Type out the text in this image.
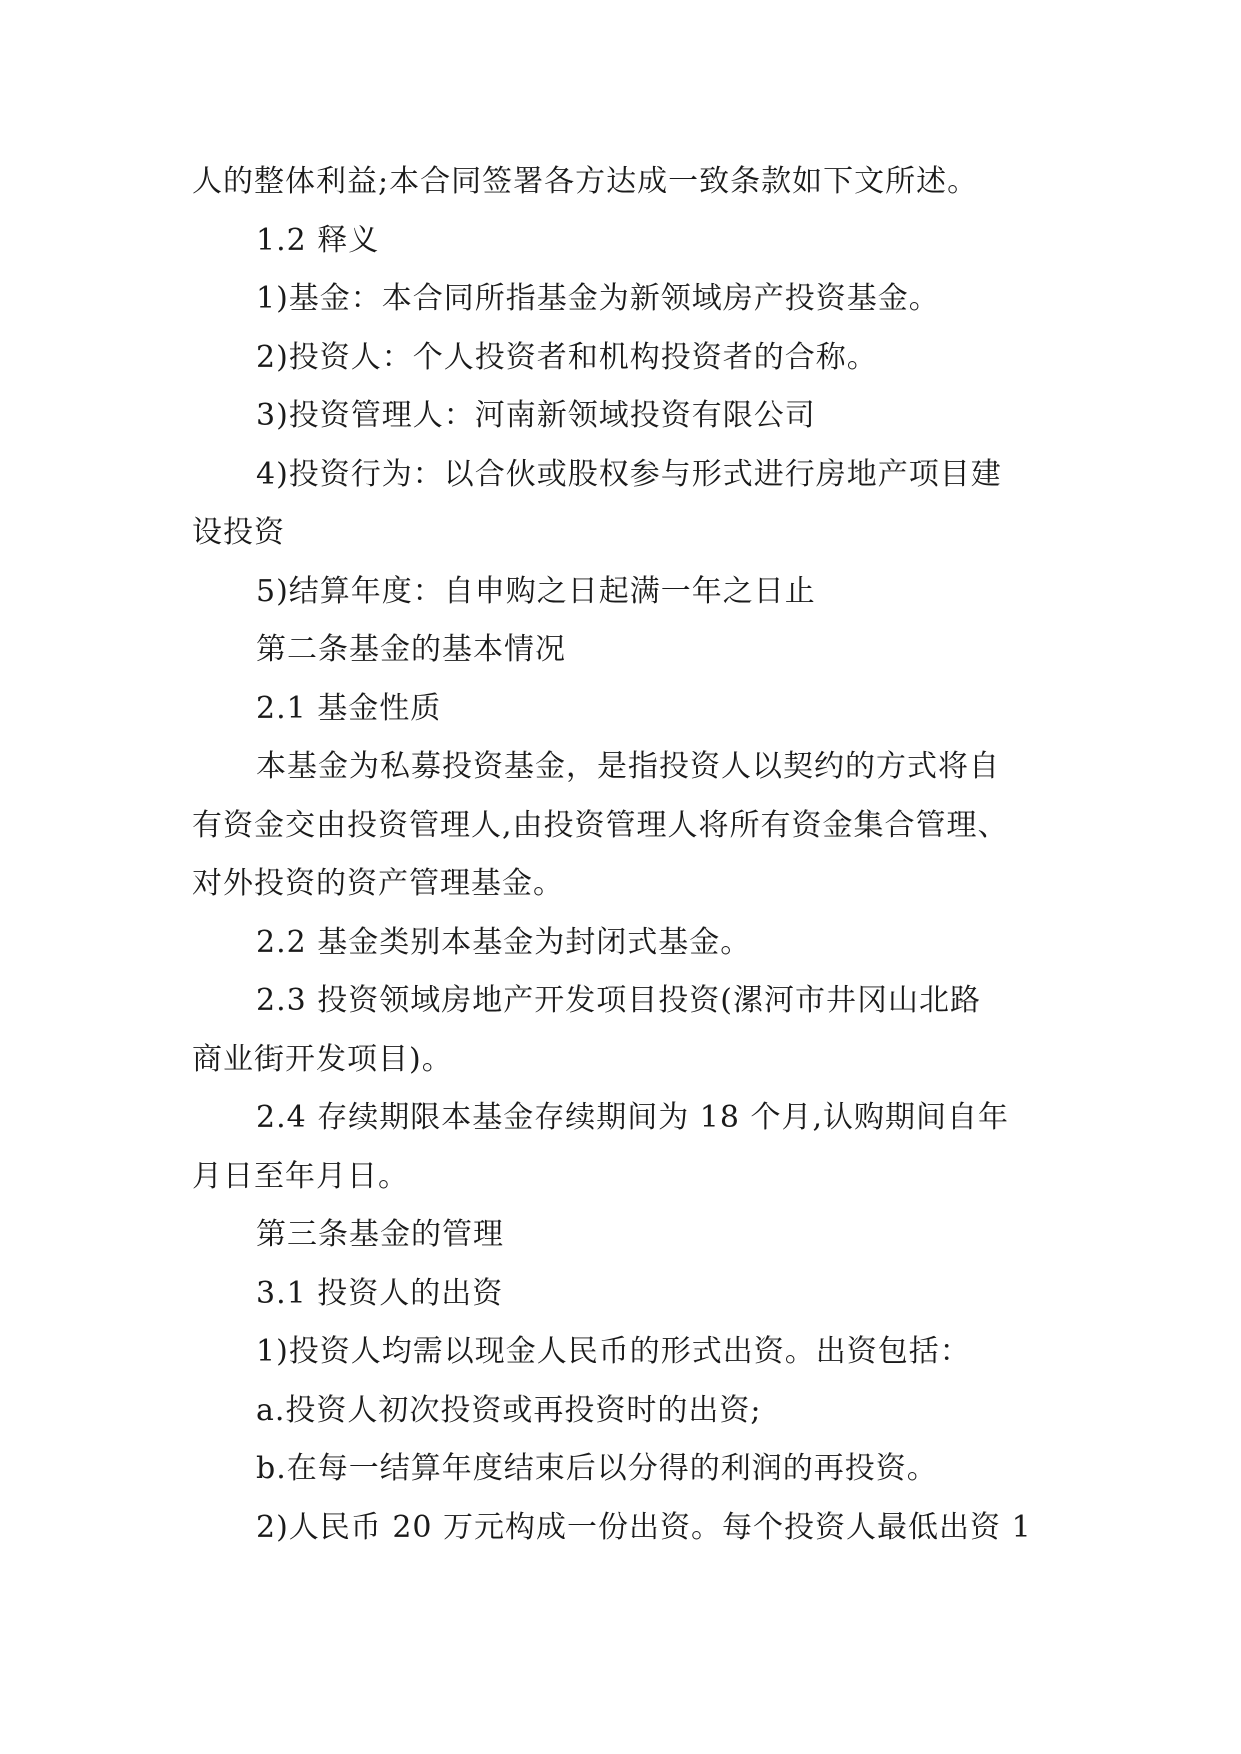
人的整体利益;本合同签署各方达成一致条款如下文所述。
1.2 释义
1)基金：本合同所指基金为新领域房产投资基金。
2)投资人：个人投资者和机构投资者的合称。
3)投资管理人：河南新领域投资有限公司
4)投资行为：以合伙或股权参与形式进行房地产项目建
设投资
5)结算年度：自申购之日起满一年之日止
第二条基金的基本情况
2.1 基金性质
本基金为私募投资基金，是指投资人以契约的方式将自
有资金交由投资管理人,由投资管理人将所有资金集合管理、
对外投资的资产管理基金。
2.2 基金类别本基金为封闭式基金。
2.3 投资领域房地产开发项目投资(漯河市井冈山北路
商业街开发项目)。
2.4 存续期限本基金存续期间为 18 个月,认购期间自年
月日至年月日。
第三条基金的管理
3.1 投资人的出资
1)投资人均需以现金人民币的形式出资。出资包括：
a.投资人初次投资或再投资时的出资;
b.在每一结算年度结束后以分得的利润的再投资。
2)人民币 20 万元构成一份出资。每个投资人最低出资 1
